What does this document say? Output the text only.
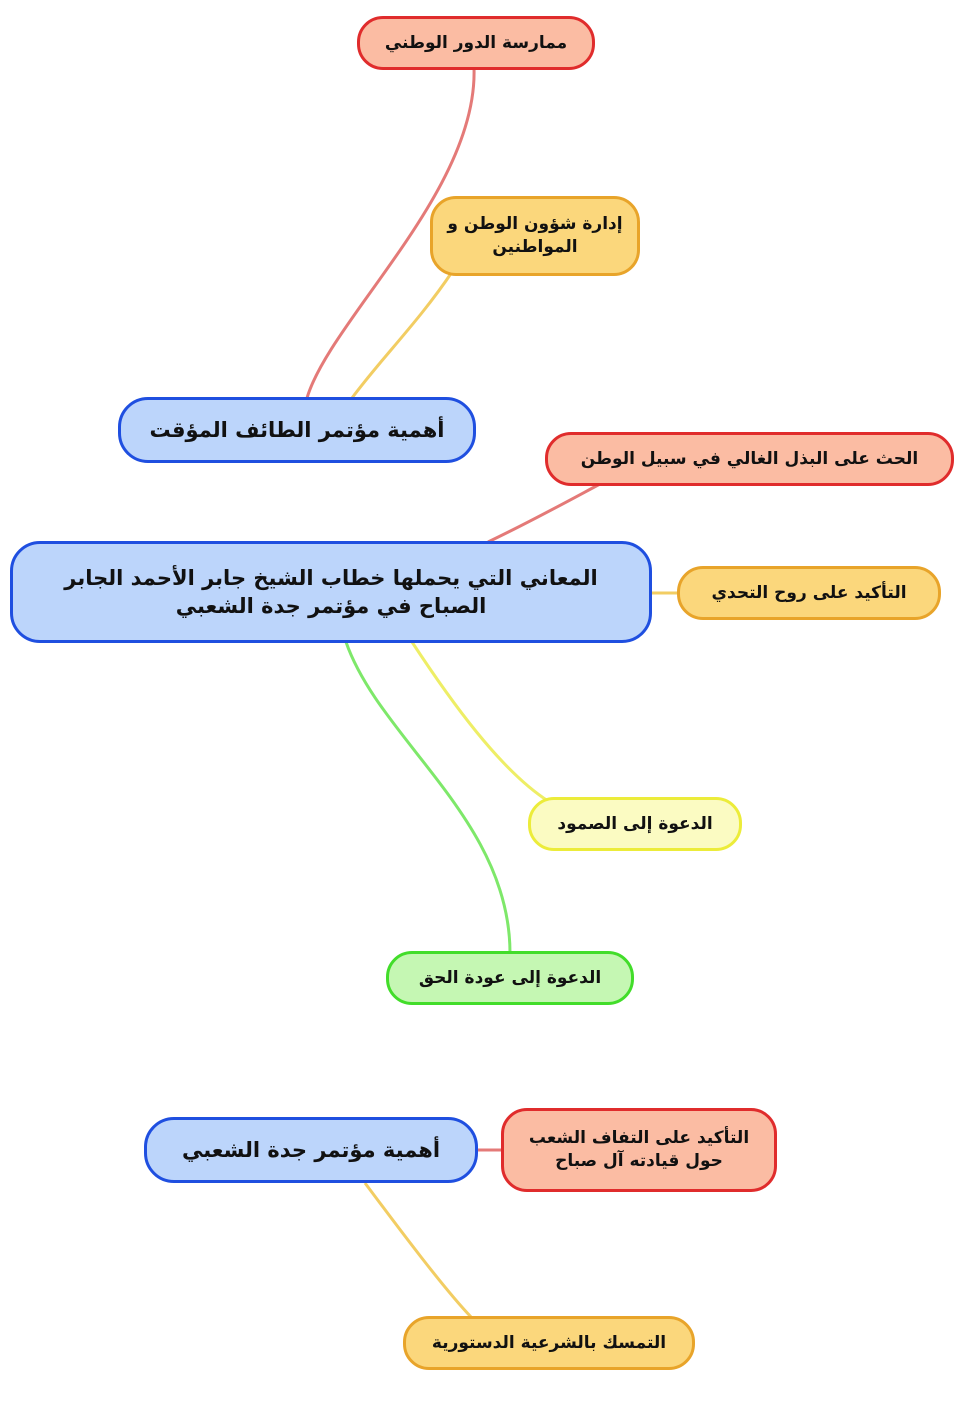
ممارسة الدور الوطني
إدارة شؤون الوطن و المواطنين
أهمية مؤتمر الطائف المؤقت
الحث على البذل الغالي في سبيل الوطن
المعاني التي يحملها خطاب الشيخ جابر الأحمد الجابر الصباح في مؤتمر جدة الشعبي
التأكيد على روح التحدي
الدعوة إلى الصمود
الدعوة إلى عودة الحق
أهمية مؤتمر جدة الشعبي	التأكيد على التفاف الشعب حول قيادته آل صباح
التمسك بالشرعية الدستورية
